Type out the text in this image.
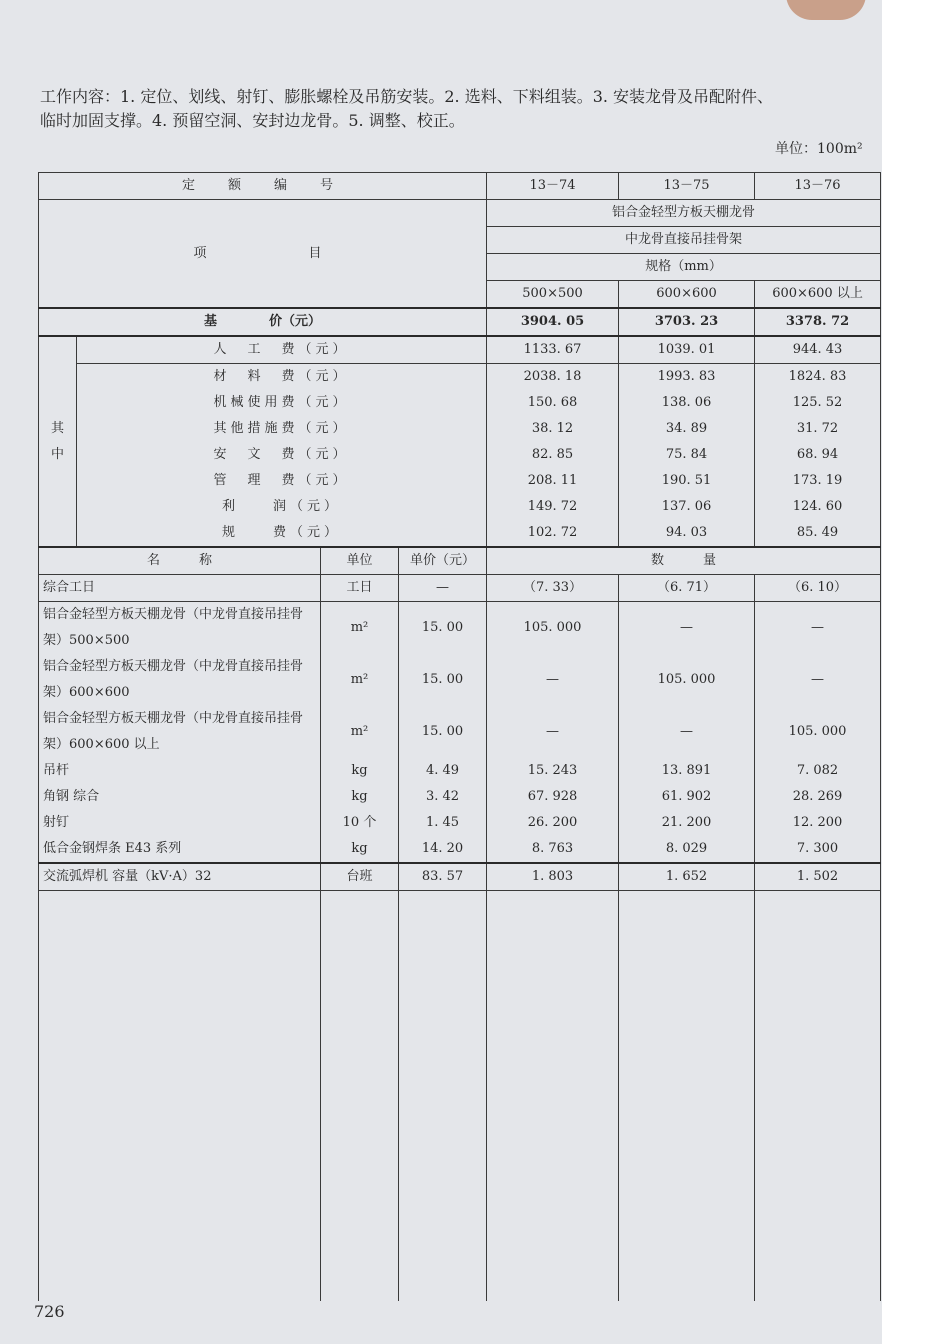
工作内容：1. 定位、划线、射钉、膨胀螺栓及吊筋安装。2. 选料、下料组装。3. 安装龙骨及吊配附件、
临时加固支撑。4. 预留空洞、安封边龙骨。5. 调整、校正。
单位：100m²
定　额　编　号				13－74	13－75	13－76
项　　　　目				铝合金轻型方板天棚龙骨		
				中龙骨直接吊挂骨架		
				规格（mm）		
				500×500	600×600	600×600 以上
基　　　　价（元）				3904. 05	3703. 23	3378. 72
其
中	人　工　费（元）			1133. 67	1039. 01	944. 43
	材　料　费（元）			2038. 18	1993. 83	1824. 83
	机械使用费（元）			150. 68	138. 06	125. 52
	其他措施费（元）			38. 12	34. 89	31. 72
	安　文　费（元）			82. 85	75. 84	68. 94
	管　理　费（元）			208. 11	190. 51	173. 19
	利　　润（元）			149. 72	137. 06	124. 60
	规　　费（元）			102. 72	94. 03	85. 49
名　　　称		单位	单价（元）	数　　　量		
综合工日		工日	—	（7. 33）	（6. 71）	（6. 10）
铝合金轻型方板天棚龙骨（中龙骨直接吊挂骨架）500×500		m²	15. 00	105. 000	—	—
铝合金轻型方板天棚龙骨（中龙骨直接吊挂骨架）600×600		m²	15. 00	—	105. 000	—
铝合金轻型方板天棚龙骨（中龙骨直接吊挂骨架）600×600 以上		m²	15. 00	—	—	105. 000
吊杆		kg	4. 49	15. 243	13. 891	7. 082
角钢 综合		kg	3. 42	67. 928	61. 902	28. 269
射钉		10 个	1. 45	26. 200	21. 200	12. 200
低合金钢焊条 E43 系列		kg	14. 20	8. 763	8. 029	7. 300
交流弧焊机 容量（kV·A）32		台班	83. 57	1. 803	1. 652	1. 502

726
